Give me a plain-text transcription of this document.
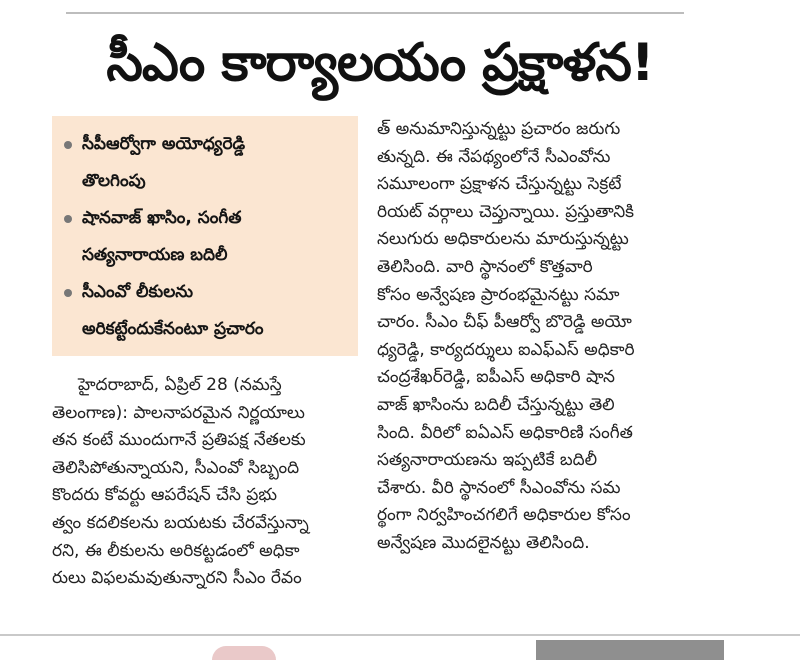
సీఎం కార్యాలయం ప్రక్షాళన!
సీపీఆర్వోగా అయోధ్యరెడ్డి
తొలగింపు
షానవాజ్‌ ఖాసిం, సంగీత
సత్యనారాయణ బదిలీ
సీఎంవో లీకులను
అరికట్టేందుకేనంటూ ప్రచారం
హైదరాబాద్‌, ఏప్రిల్‌ 28 (నమస్తే
తెలంగాణ): పాలనాపరమైన నిర్ణయాలు
తన కంటే ముందుగానే ప్రతిపక్ష నేతలకు
తెలిసిపోతున్నాయని, సీఎంవో సిబ్బంది
కొందరు కోవర్టు ఆపరేషన్‌ చేసి ప్రభు
త్వం కదలికలను బయటకు చేరవేస్తున్నా
రని, ఈ లీకులను అరికట్టడంలో అధికా
రులు విఫలమవుతున్నారని సీఎం రేవం
త్‌ అనుమానిస్తున్నట్టు ప్రచారం జరుగు
తున్నది. ఈ నేపథ్యంలోనే సీఎంవోను
సమూలంగా ప్రక్షాళన చేస్తున్నట్టు సెక్రటే
రియట్‌ వర్గాలు చెప్తున్నాయి. ప్రస్తుతానికి
నలుగురు అధికారులను మారుస్తున్నట్టు
తెలిసింది. వారి స్థానంలో కొత్తవారి
కోసం అన్వేషణ ప్రారంభమైనట్టు సమా
చారం. సీఎం చీఫ్‌ పీఆర్వో బొరెడ్డి అయో
ధ్యరెడ్డి, కార్యదర్శులు ఐఎఫ్‌ఎస్‌ అధికారి
చంద్రశేఖర్‌రెడ్డి, ఐపీఎస్‌ అధికారి షాన
వాజ్‌ ఖాసింను బదిలీ చేస్తున్నట్టు తెలి
సింది. వీరిలో ఐఏఎస్‌ అధికారిణి సంగీత
సత్యనారాయణను ఇప్పటికే బదిలీ
చేశారు. వీరి స్థానంలో సీఎంవోను సమ
ర్థంగా నిర్వహించగలిగే అధికారుల కోసం
అన్వేషణ మొదలైనట్టు తెలిసింది.
